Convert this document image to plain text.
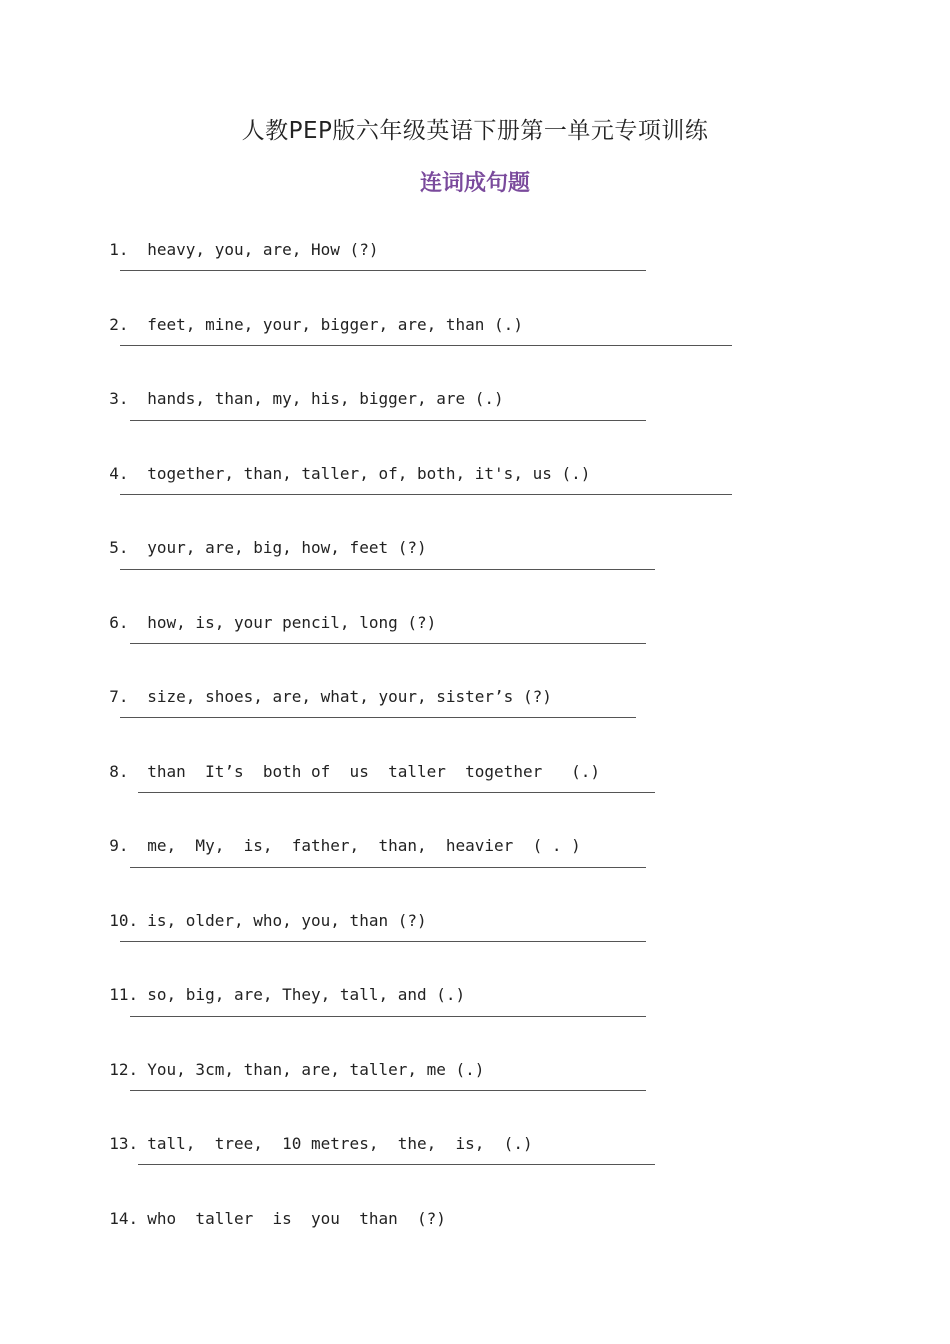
人教PEP版六年级英语下册第一单元专项训练
连词成句题

1. heavy, you, are, How (?)

2. feet, mine, your, bigger, are, than (.)

3. hands, than, my, his, bigger, are (.)

4. together, than, taller, of, both, it's, us (.)

5. your, are, big, how, feet (?)

6. how, is, your pencil, long (?)

7. size, shoes, are, what, your, sister’s (?)

8. than  It’s  both of  us  taller  together   (.)

9. me,  My,  is,  father,  than,  heavier  ( . )

10. is, older, who, you, than (?)

11. so, big, are, They, tall, and (.)

12. You, 3cm, than, are, taller, me (.)

13. tall,  tree,  10 metres,  the,  is,  (.)

14. who  taller  is  you  than  (?)
